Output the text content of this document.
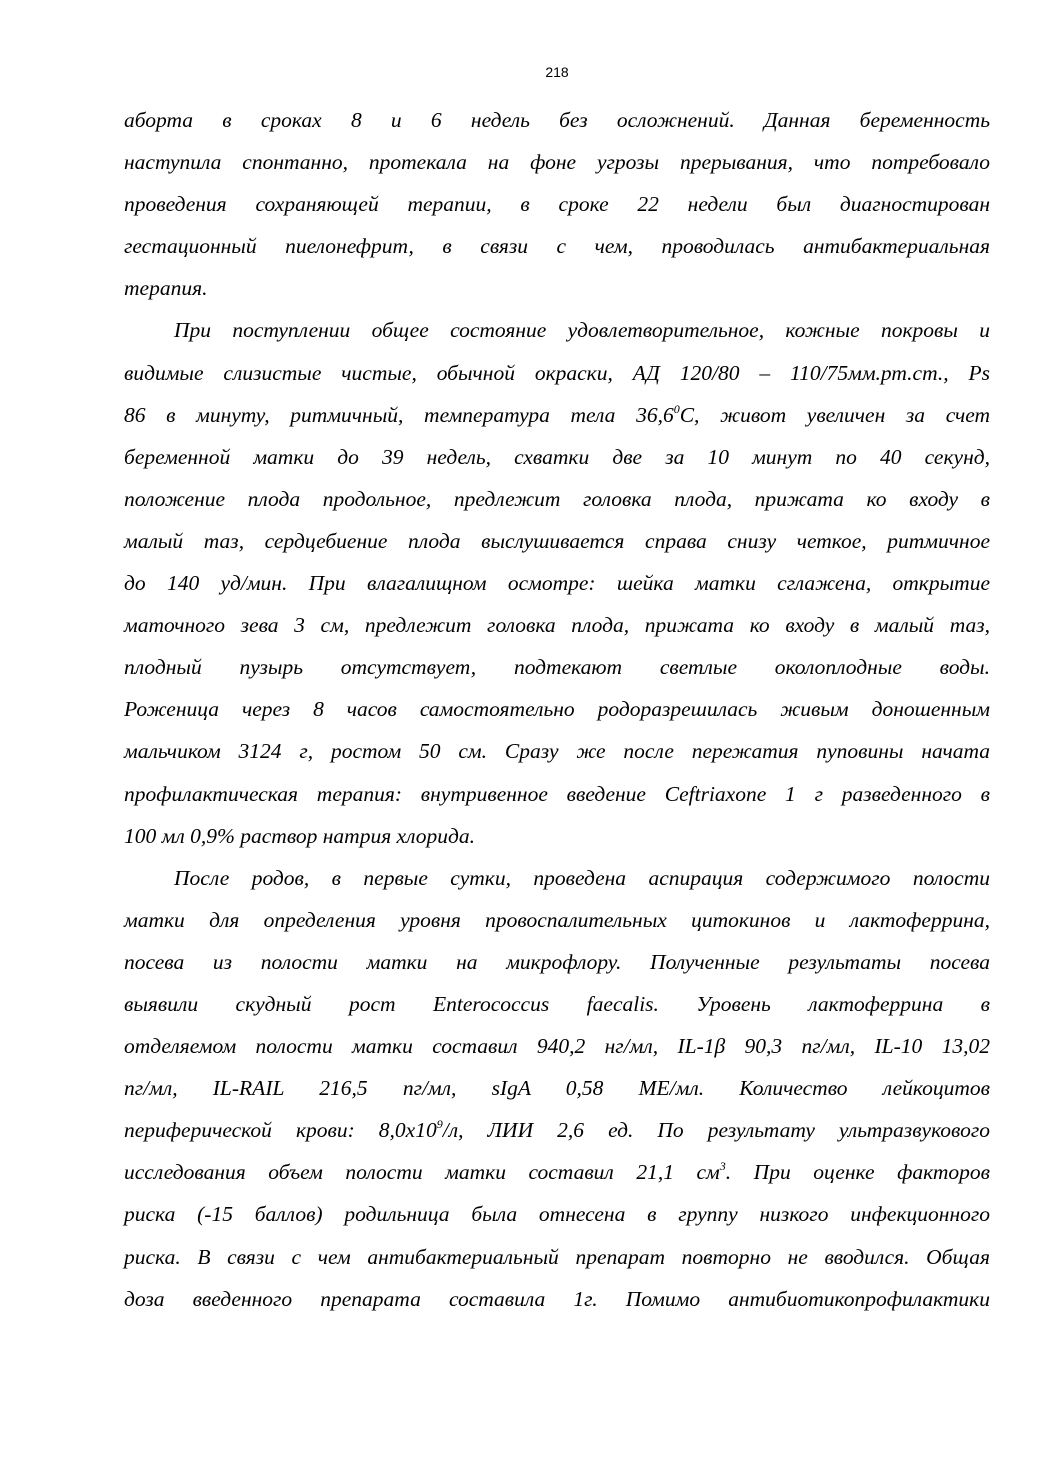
218
аборта в сроках 8 и 6 недель без осложнений. Данная беременность
наступила спонтанно, протекала на фоне угрозы прерывания, что потребовало
проведения сохраняющей терапии, в сроке 22 недели был диагностирован
гестационный пиелонефрит, в связи с чем, проводилась антибактериальная
терапия.
При поступлении общее состояние удовлетворительное, кожные покровы и
видимые слизистые чистые, обычной окраски, АД 120/80 – 110/75мм.рт.ст., Ps
86 в минуту, ритмичный, температура тела 36,6$^0$С, живот увеличен за счет
беременной матки до 39 недель, схватки две за 10 минут по 40 секунд,
положение плода продольное, предлежит головка плода, прижата ко входу в
малый таз, сердцебиение плода выслушивается справа снизу четкое, ритмичное
до 140 уд/мин. При влагалищном осмотре: шейка матки сглажена, открытие
маточного зева 3 см, предлежит головка плода, прижата ко входу в малый таз,
плодный пузырь отсутствует, подтекают светлые околоплодные воды.
Роженица через 8 часов самостоятельно родоразрешилась живым доношенным
мальчиком 3124 г, ростом 50 см. Сразу же после пережатия пуповины начата
профилактическая терапия: внутривенное введение Ceftriaxone 1 г разведенного в
100 мл 0,9% раствор натрия хлорида.
После родов, в первые сутки, проведена аспирация содержимого полости
матки для определения уровня провоспалительных цитокинов и лактоферрина,
посева из полости матки на микрофлору. Полученные результаты посева
выявили скудный рост Enterococcus faecalis. Уровень лактоферрина в
отделяемом полости матки составил 940,2 нг/мл, IL-1β 90,3 пг/мл, IL-10 13,02
пг/мл, IL-RAIL 216,5 пг/мл, sIgA 0,58 МЕ/мл. Количество лейкоцитов
периферической крови: $8,0x10^9/л$, ЛИИ 2,6 ед. По результату ультразвукового
исследования объем полости матки составил 21,1 $см^3$. При оценке факторов
риска (-15 баллов) родильница была отнесена в группу низкого инфекционного
риска. В связи с чем антибактериальный препарат повторно не вводился. Общая
доза введенного препарата составила 1г. Помимо антибиотикопрофилактики
